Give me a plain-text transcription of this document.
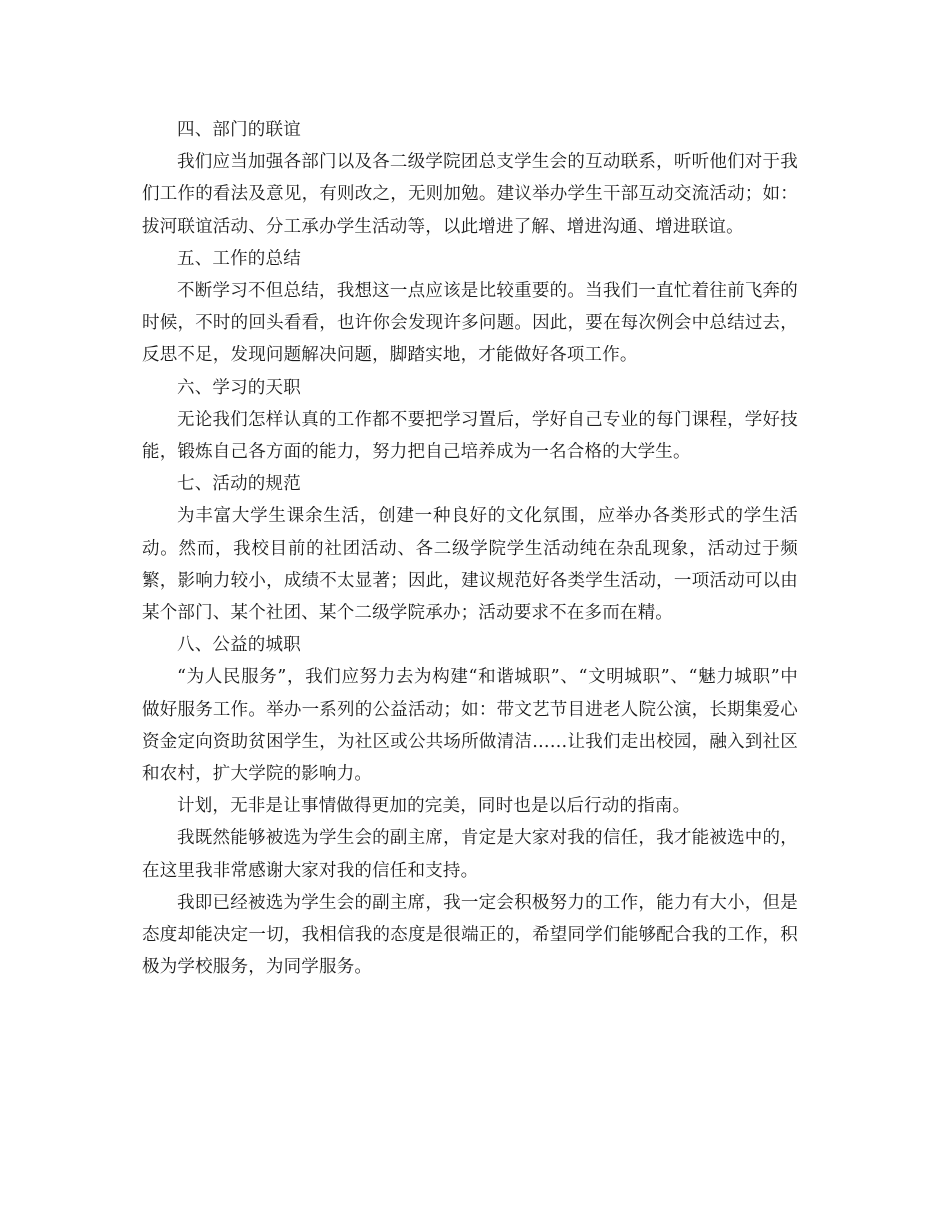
四、部门的联谊

我们应当加强各部门以及各二级学院团总支学生会的互动联系，听听他们对于我们工作的看法及意见，有则改之，无则加勉。建议举办学生干部互动交流活动；如：拔河联谊活动、分工承办学生活动等，以此增进了解、增进沟通、增进联谊。

五、工作的总结

不断学习不但总结，我想这一点应该是比较重要的。当我们一直忙着往前飞奔的时候，不时的回头看看，也许你会发现许多问题。因此，要在每次例会中总结过去，反思不足，发现问题解决问题，脚踏实地，才能做好各项工作。

六、学习的天职

无论我们怎样认真的工作都不要把学习置后，学好自己专业的每门课程，学好技能，锻炼自己各方面的能力，努力把自己培养成为一名合格的大学生。

七、活动的规范

为丰富大学生课余生活，创建一种良好的文化氛围，应举办各类形式的学生活动。然而，我校目前的社团活动、各二级学院学生活动纯在杂乱现象，活动过于频繁，影响力较小，成绩不太显著；因此，建议规范好各类学生活动，一项活动可以由某个部门、某个社团、某个二级学院承办；活动要求不在多而在精。

八、公益的城职

“为人民服务”，我们应努力去为构建“和谐城职”、“文明城职”、“魅力城职”中做好服务工作。举办一系列的公益活动；如：带文艺节目进老人院公演，长期集爱心资金定向资助贫困学生，为社区或公共场所做清洁……让我们走出校园，融入到社区和农村，扩大学院的影响力。

计划，无非是让事情做得更加的完美，同时也是以后行动的指南。

我既然能够被选为学生会的副主席，肯定是大家对我的信任，我才能被选中的，在这里我非常感谢大家对我的信任和支持。

我即已经被选为学生会的副主席，我一定会积极努力的工作，能力有大小，但是态度却能决定一切，我相信我的态度是很端正的，希望同学们能够配合我的工作，积极为学校服务，为同学服务。
